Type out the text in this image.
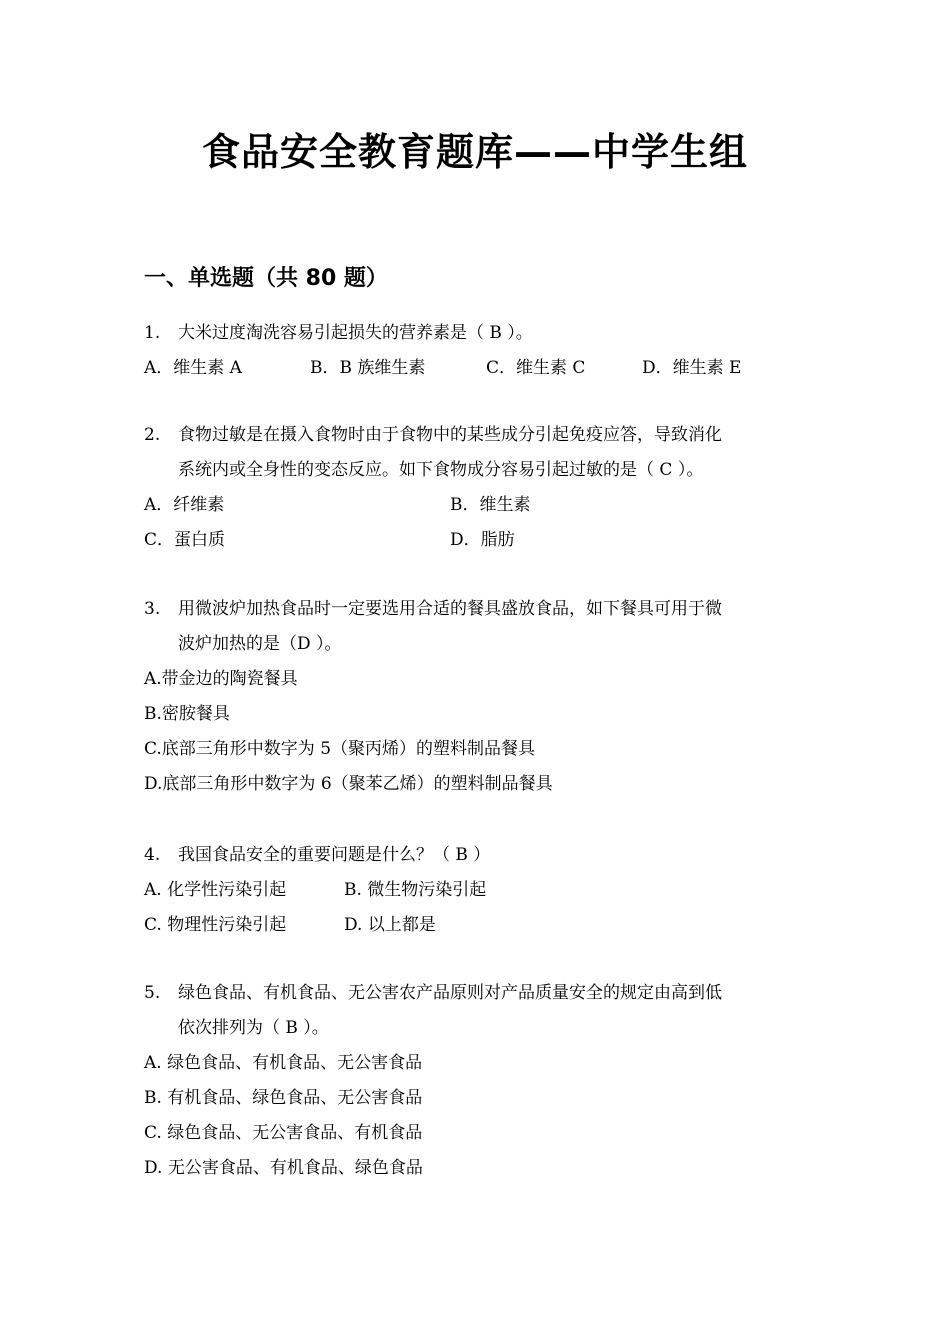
食品安全教育题库——中学生组
一、单选题（共 80 题）
1. 大米过度淘洗容易引起损失的营养素是（ B ）。
A．维生素 A	B．B 族维生素	C．维生素 C	D．维生素 E
2. 食物过敏是在摄入食物时由于食物中的某些成分引起免疫应答，导致消化
系统内或全身性的变态反应。如下食物成分容易引起过敏的是（ C ）。
A．纤维素	B．维生素
C．蛋白质	D．脂肪
3. 用微波炉加热食品时一定要选用合适的餐具盛放食品，如下餐具可用于微
波炉加热的是（D ）。
A.带金边的陶瓷餐具
B.密胺餐具
C.底部三角形中数字为 5（聚丙烯）的塑料制品餐具
D.底部三角形中数字为 6（聚苯乙烯）的塑料制品餐具
4. 我国食品安全的重要问题是什么？（ B ）
A. 化学性污染引起	B. 微生物污染引起
C. 物理性污染引起	D. 以上都是
5. 绿色食品、有机食品、无公害农产品原则对产品质量安全的规定由高到低
依次排列为（ B ）。
A. 绿色食品、有机食品、无公害食品
B. 有机食品、绿色食品、无公害食品
C. 绿色食品、无公害食品、有机食品
D. 无公害食品、有机食品、绿色食品
